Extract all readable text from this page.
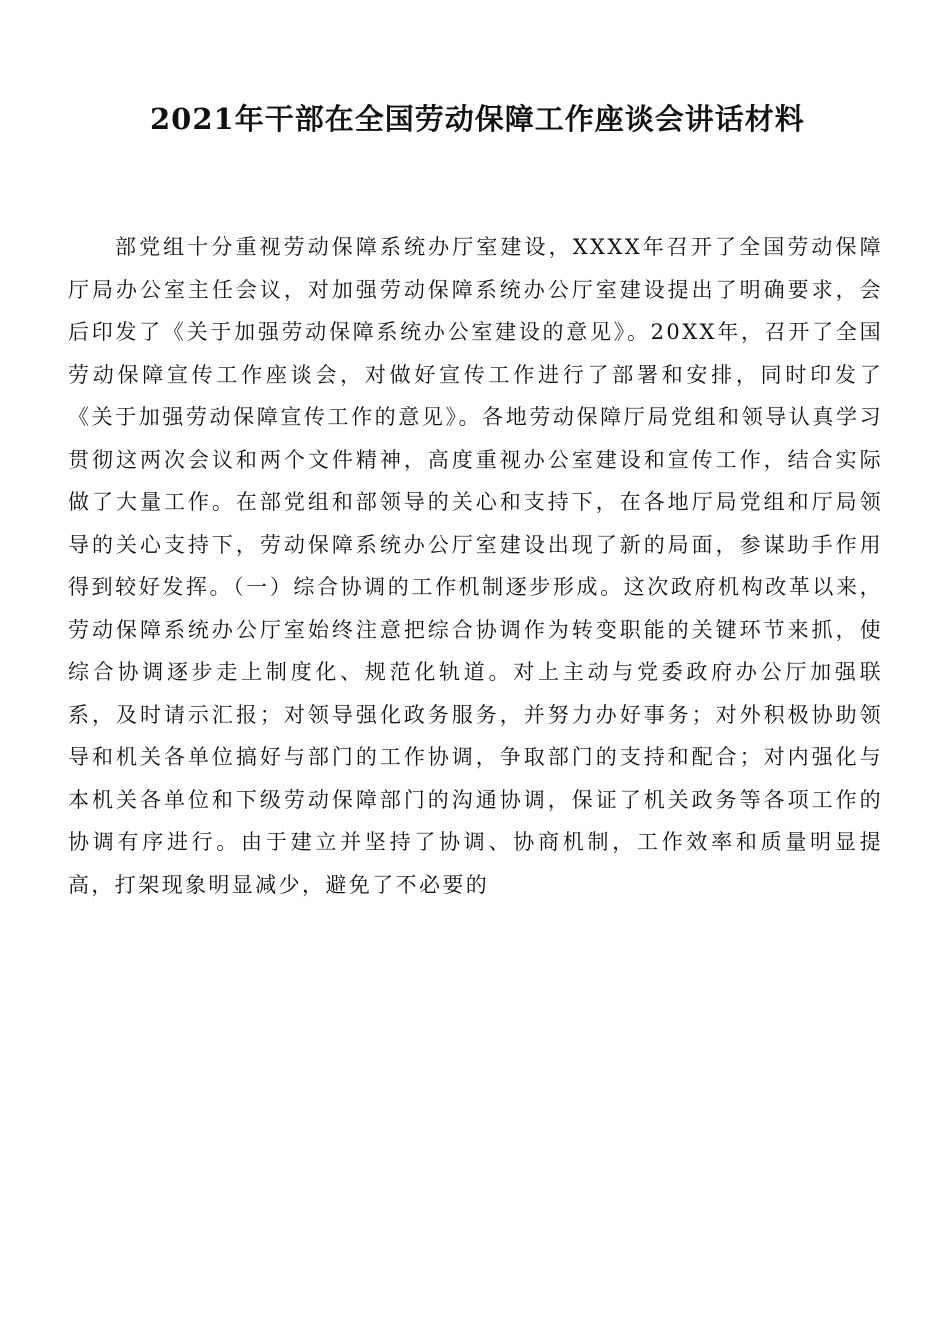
2021年干部在全国劳动保障工作座谈会讲话材料

部党组十分重视劳动保障系统办厅室建设，XXXX年召开了全国劳动保障厅局办公室主任会议，对加强劳动保障系统办公厅室建设提出了明确要求，会后印发了《关于加强劳动保障系统办公室建设的意见》。20XX年，召开了全国劳动保障宣传工作座谈会，对做好宣传工作进行了部署和安排，同时印发了《关于加强劳动保障宣传工作的意见》。各地劳动保障厅局党组和领导认真学习贯彻这两次会议和两个文件精神，高度重视办公室建设和宣传工作，结合实际做了大量工作。在部党组和部领导的关心和支持下，在各地厅局党组和厅局领导的关心支持下，劳动保障系统办公厅室建设出现了新的局面，参谋助手作用得到较好发挥。（一）综合协调的工作机制逐步形成。这次政府机构改革以来，劳动保障系统办公厅室始终注意把综合协调作为转变职能的关键环节来抓，使综合协调逐步走上制度化、规范化轨道。对上主动与党委政府办公厅加强联系，及时请示汇报；对领导强化政务服务，并努力办好事务；对外积极协助领导和机关各单位搞好与部门的工作协调，争取部门的支持和配合；对内强化与本机关各单位和下级劳动保障部门的沟通协调，保证了机关政务等各项工作的协调有序进行。由于建立并坚持了协调、协商机制，工作效率和质量明显提高，打架现象明显减少，避免了不必要的
